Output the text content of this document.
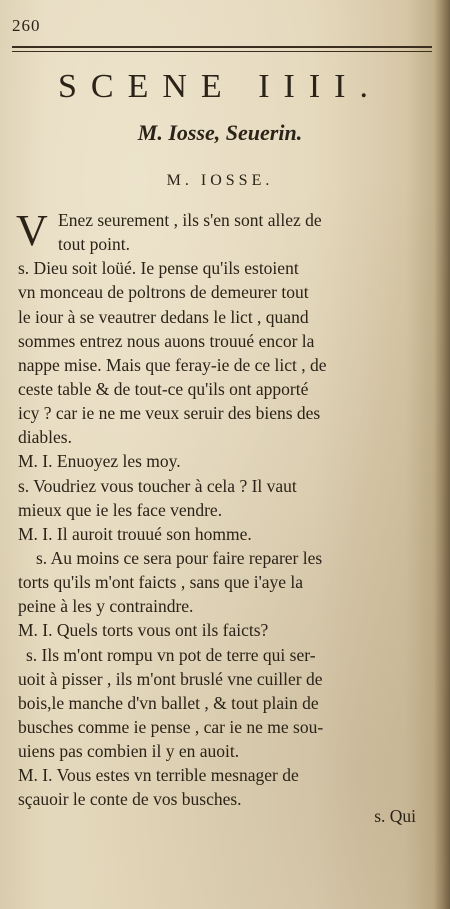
260
SCENE IIII.
M. Iosse, Seuerin.
M. IOSSE.
V Enez seurement , ils s'en sont allez de
tout point.
s. Dieu soit loüé. Ie pense qu'ils estoient
vn monceau de poltrons de demeurer tout
le iour à se veautrer dedans le lict , quand
sommes entrez nous auons trouué encor la
nappe mise. Mais que feray-ie de ce lict , de
ceste table & de tout-ce qu'ils ont apporté
icy ? car ie ne me veux seruir des biens des
diables.
M. I. Enuoyez les moy.
s. Voudriez vous toucher à cela ? Il vaut
mieux que ie les face vendre.
M. I. Il auroit trouué son homme.
s. Au moins ce sera pour faire reparer les
torts qu'ils m'ont faicts , sans que i'aye la
peine à les y contraindre.
M. I. Quels torts vous ont ils faicts?
s. Ils m'ont rompu vn pot de terre qui ser-
uoit à pisser , ils m'ont bruslé vne cuiller de
bois,le manche d'vn ballet , & tout plain de
busches comme ie pense , car ie ne me sou-
uiens pas combien il y en auoit.
M. I. Vous estes vn terrible mesnager de
sçauoir le conte de vos busches.
s. Qui
